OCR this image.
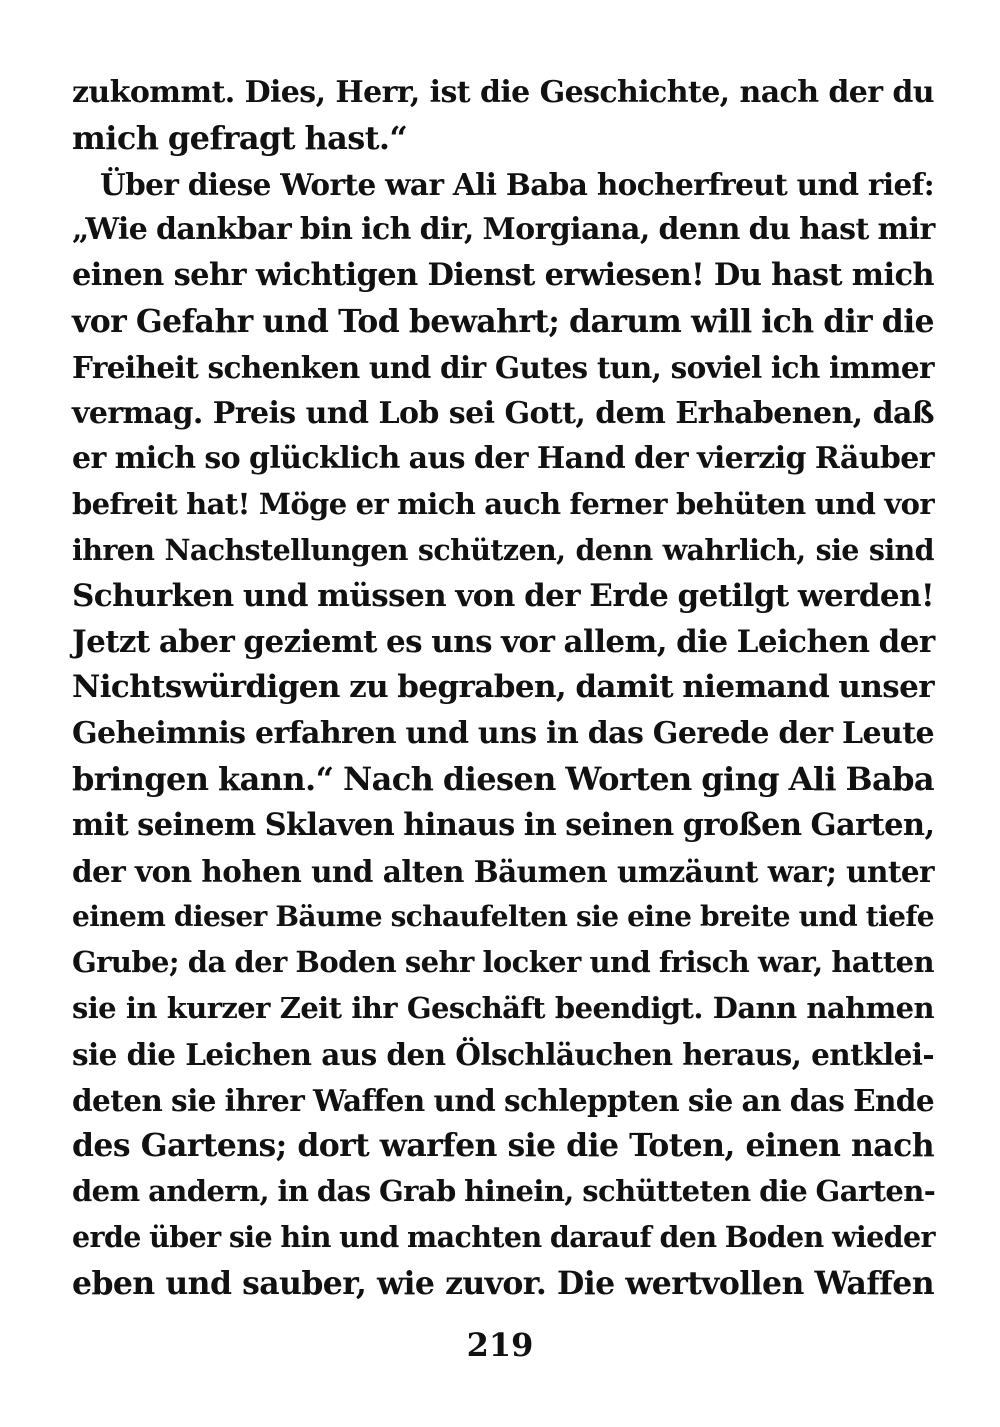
zukommt. Dies, Herr, ist die Geschichte, nach der du
mich gefragt hast.“
Über diese Worte war Ali Baba hocherfreut und rief:
„Wie dankbar bin ich dir, Morgiana, denn du hast mir
einen sehr wichtigen Dienst erwiesen! Du hast mich
vor Gefahr und Tod bewahrt; darum will ich dir die
Freiheit schenken und dir Gutes tun, soviel ich immer
vermag. Preis und Lob sei Gott, dem Erhabenen, daß
er mich so glücklich aus der Hand der vierzig Räuber
befreit hat! Möge er mich auch ferner behüten und vor
ihren Nachstellungen schützen, denn wahrlich, sie sind
Schurken und müssen von der Erde getilgt werden!
Jetzt aber geziemt es uns vor allem, die Leichen der
Nichtswürdigen zu begraben, damit niemand unser
Geheimnis erfahren und uns in das Gerede der Leute
bringen kann.“ Nach diesen Worten ging Ali Baba
mit seinem Sklaven hinaus in seinen großen Garten,
der von hohen und alten Bäumen umzäunt war; unter
einem dieser Bäume schaufelten sie eine breite und tiefe
Grube; da der Boden sehr locker und frisch war, hatten
sie in kurzer Zeit ihr Geschäft beendigt. Dann nahmen
sie die Leichen aus den Ölschläuchen heraus, entklei-
deten sie ihrer Waffen und schleppten sie an das Ende
des Gartens; dort warfen sie die Toten, einen nach
dem andern, in das Grab hinein, schütteten die Garten-
erde über sie hin und machten darauf den Boden wieder
eben und sauber, wie zuvor. Die wertvollen Waffen
219
